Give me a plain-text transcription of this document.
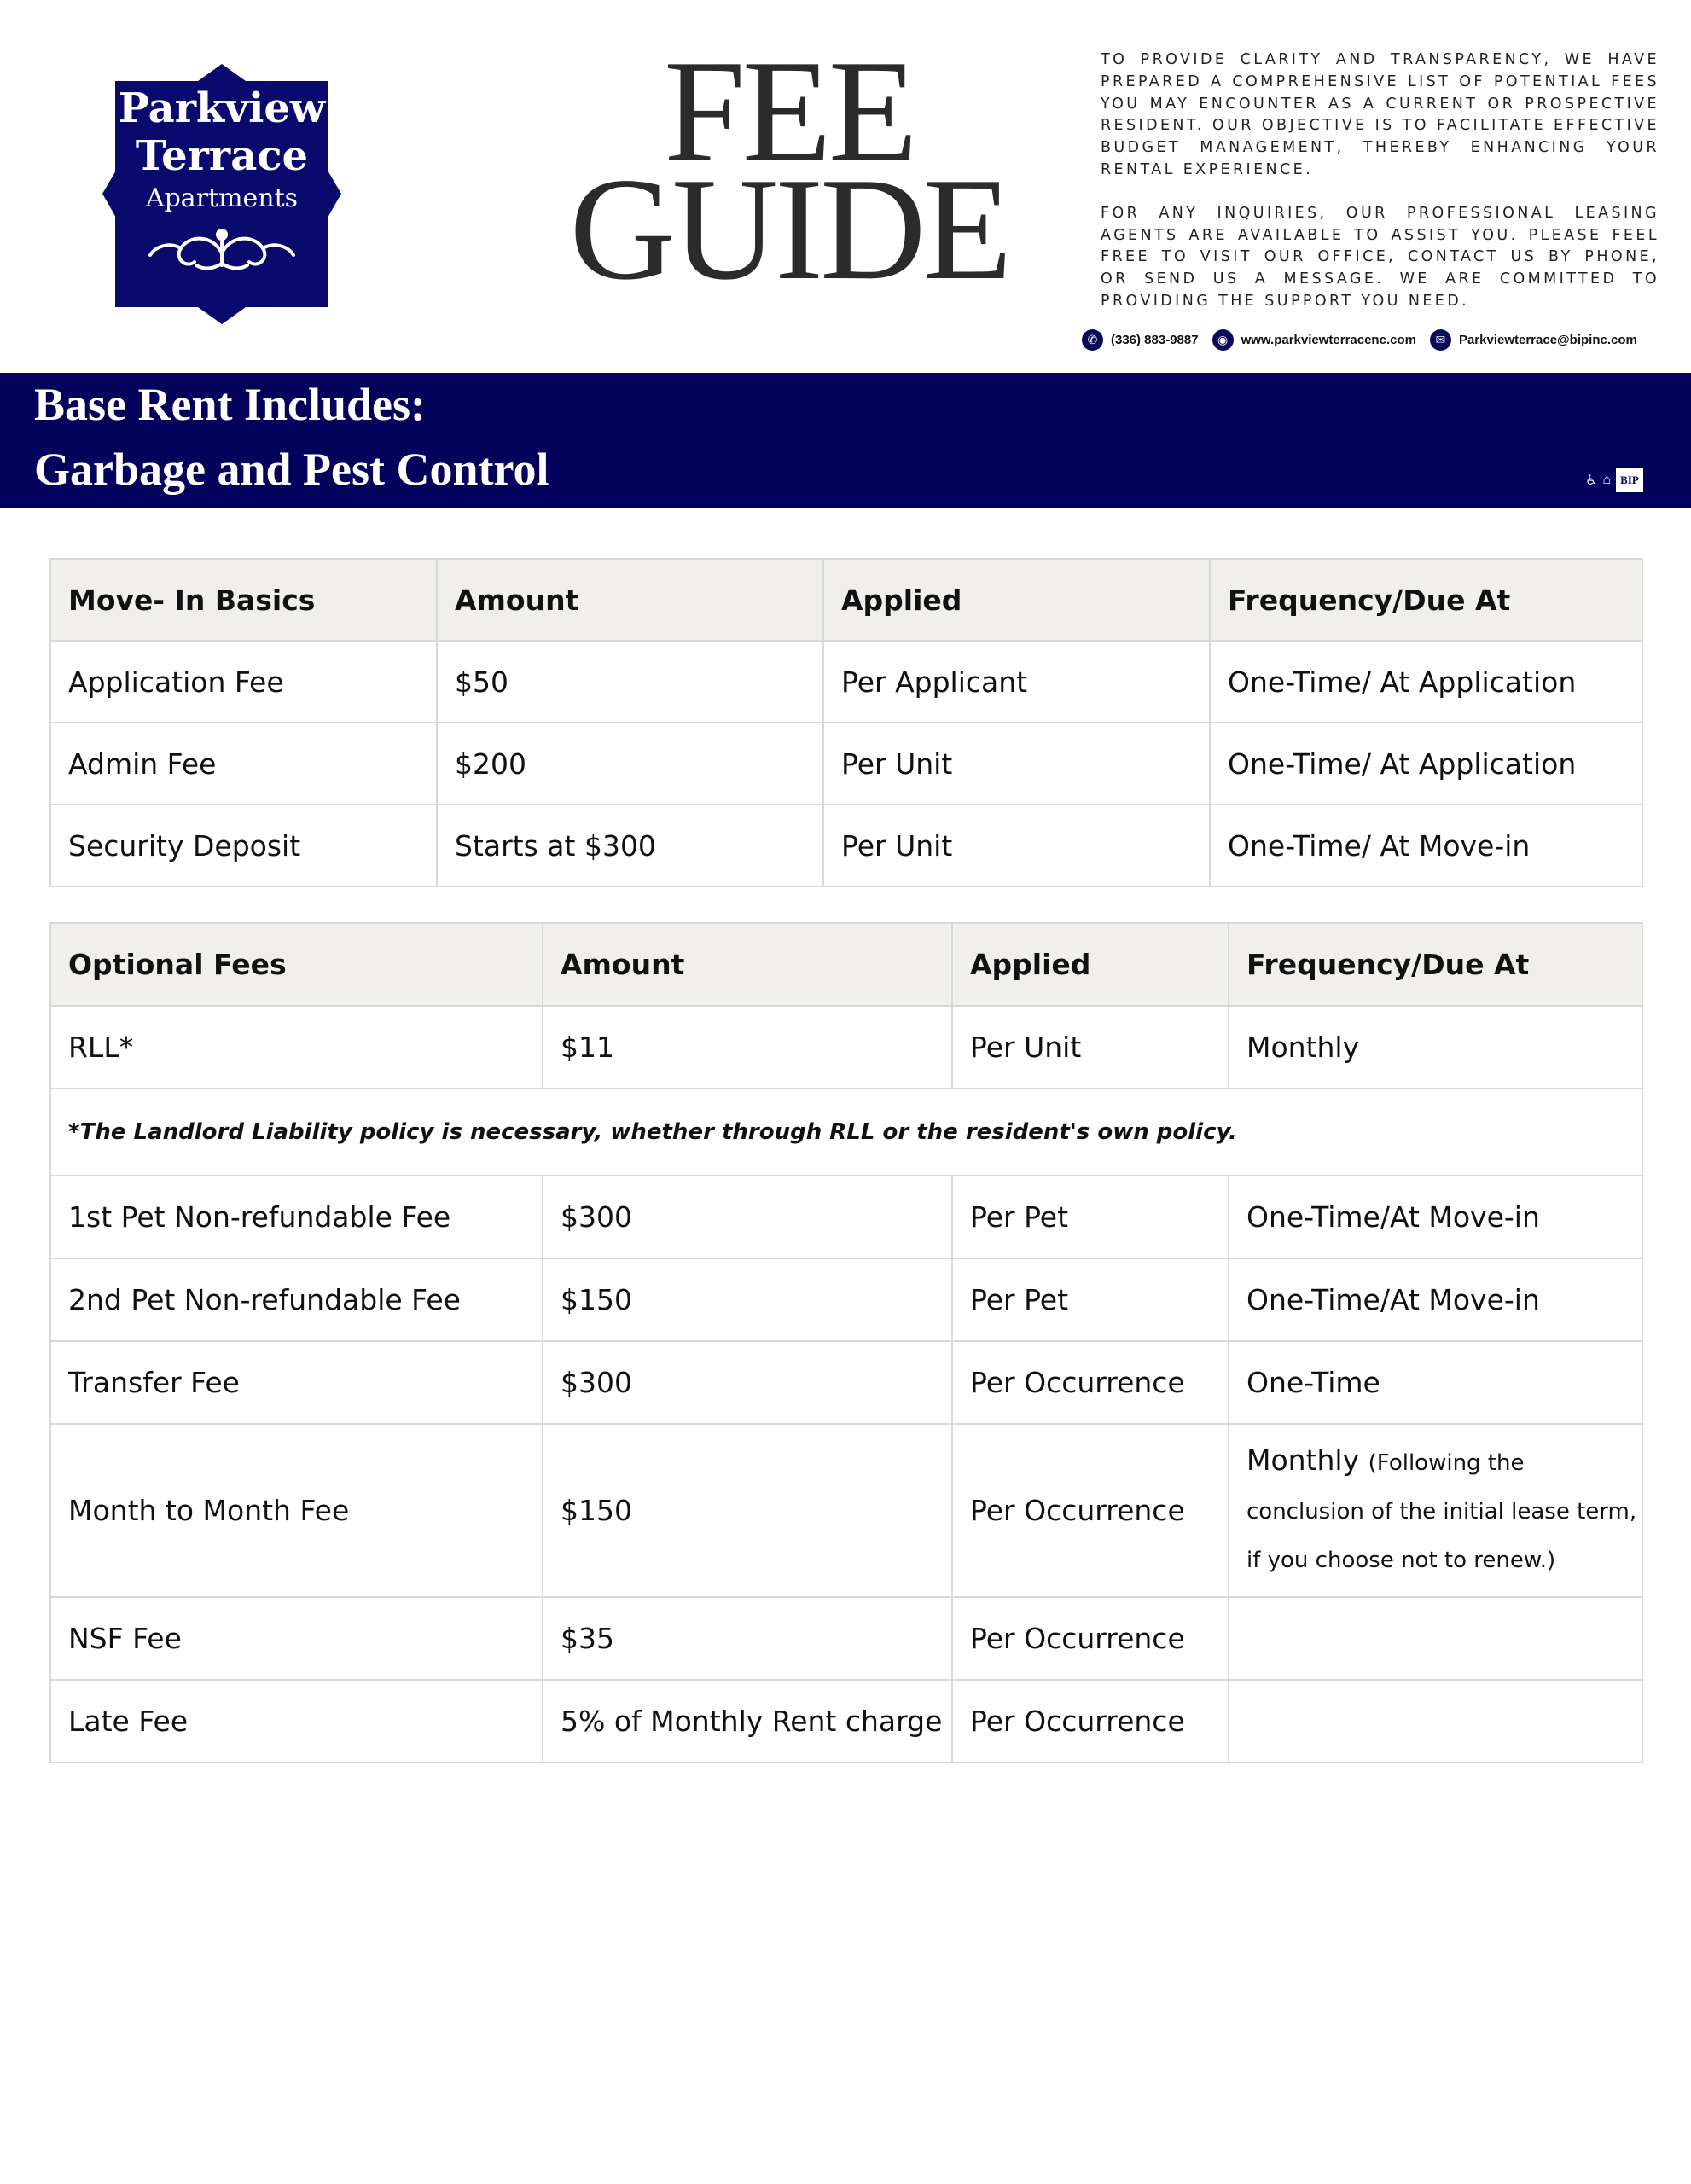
Parkview
Terrace
Apartments
FEE
GUIDE

TO PROVIDE CLARITY AND TRANSPARENCY, WE HAVE PREPARED A COMPREHENSIVE LIST OF POTENTIAL FEES YOU MAY ENCOUNTER AS A CURRENT OR PROSPECTIVE RESIDENT. OUR OBJECTIVE IS TO FACILITATE EFFECTIVE BUDGET MANAGEMENT, THEREBY ENHANCING YOUR RENTAL EXPERIENCE.

FOR ANY INQUIRIES, OUR PROFESSIONAL LEASING AGENTS ARE AVAILABLE TO ASSIST YOU. PLEASE FEEL FREE TO VISIT OUR OFFICE, CONTACT US BY PHONE, OR SEND US A MESSAGE. WE ARE COMMITTED TO PROVIDING THE SUPPORT YOU NEED.

✆	(336) 883-9887	◉	www.parkviewterracenc.com	✉	Parkviewterrace@bipinc.com
Base Rent Includes:
Garbage and Pest Control	♿ ⌂ BIP
Move- In Basics	Amount	Applied	Frequency/Due At
Application Fee	$50	Per Applicant	One-Time/ At Application
Admin Fee	$200	Per Unit	One-Time/ At Application
Security Deposit	Starts at $300	Per Unit	One-Time/ At Move-in
Optional Fees	Amount	Applied	Frequency/Due At
RLL*	$11	Per Unit	Monthly
*The Landlord Liability policy is necessary, whether through RLL or the resident's own policy.			
1st Pet Non-refundable Fee	$300	Per Pet	One-Time/At Move-in
2nd Pet Non-refundable Fee	$150	Per Pet	One-Time/At Move-in
Transfer Fee	$300	Per Occurrence	One-Time
Month to Month Fee	$150	Per Occurrence	Monthly (Following the
conclusion of the initial lease term,
if you choose not to renew.)
NSF Fee	$35	Per Occurrence	
Late Fee	5% of Monthly Rent charge	Per Occurrence	
